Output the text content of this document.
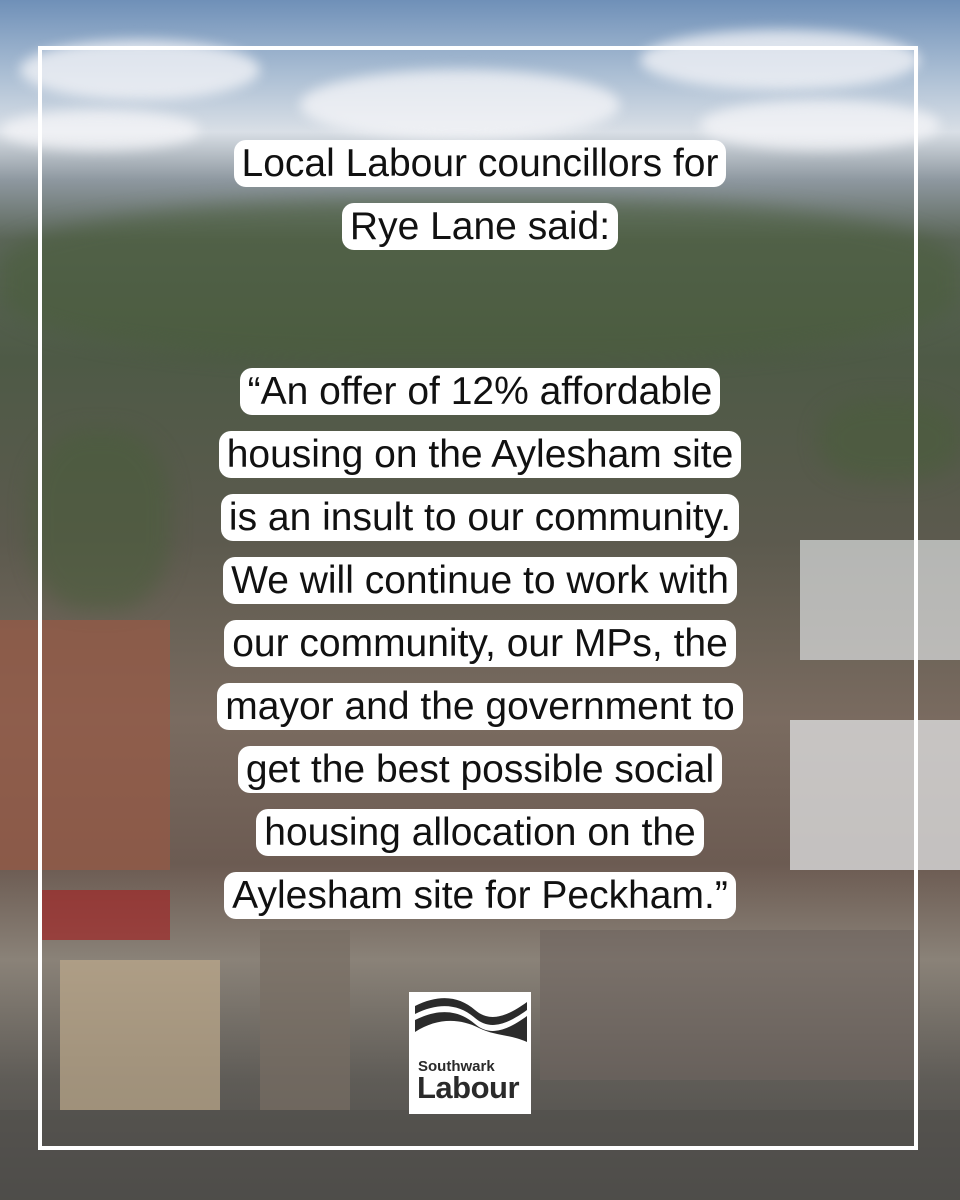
Local Labour councillors for
Rye Lane said:
“An offer of 12% affordable
housing on the Aylesham site
is an insult to our community.
We will continue to work with
our community, our MPs, the
mayor and the government to
get the best possible social
housing allocation on the
Aylesham site for Peckham.”
Southwark
Labour
